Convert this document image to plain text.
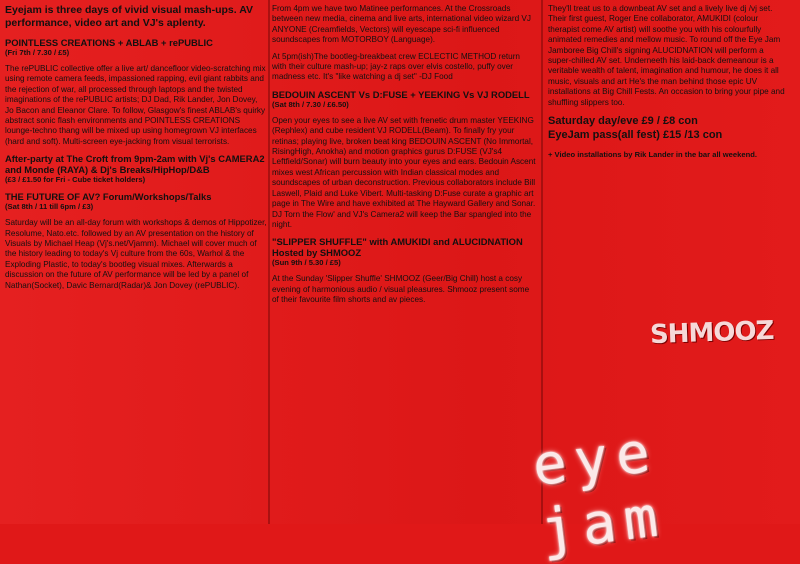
Eyejam is three days of vivid visual mash-ups. AV performance, video art and VJ's aplenty.

POINTLESS CREATIONS + ABLAB + rePUBLIC

(Fri 7th / 7.30 / £5)

The rePUBLIC collective offer a live art/ dancefloor video-scratching mix using remote camera feeds, impassioned rapping, evil giant rabbits and the rejection of war, all processed through laptops and the twisted imaginations of the rePUBLIC artists; DJ Dad, Rik Lander, Jon Dovey, Jo Bacon and Eleanor Clare. To follow, Glasgow's finest ABLAB's quirky abstract sonic flash environments and POINTLESS CREATIONS lounge-techno thang will be mixed up using homegrown VJ interfaces (hard and soft). Multi-screen eye-jacking from visual terrorists.

After-party at The Croft from 9pm-2am with Vj's CAMERA2 and Monde (RAYA) & Dj's Breaks/HipHop/D&B

(£3 / £1.50 for Fri - Cube ticket holders)

THE FUTURE OF AV? Forum/Workshops/Talks

(Sat 8th / 11 till 6pm / £3)

Saturday will be an all-day forum with workshops & demos of Hippotizer, Resolume, Nato.etc. followed by an AV presentation on the history of Visuals by Michael Heap (Vj's.net/Vjamm). Michael will cover much of the history leading to today's Vj culture from the 60s, Warhol & the Exploding Plastic, to today's bootleg visual mixes. Afterwards a discussion on the future of AV performance will be led by a panel of Nathan(Socket), Davic Bernard(Radar)& Jon Dovey (rePUBLIC).

From 4pm we have two Matinee performances. At the Crossroads between new media, cinema and live arts, international video wizard VJ ANYONE (Creamfields, Vectors) will eyescape sci-fi influenced soundscapes from MOTORBOY (Language).

At 5pm(ish)The bootleg-breakbeat crew ECLECTIC METHOD return with their culture mash-up; jay-z raps over elvis costello, puffy over madness etc. It's "like watching a dj set" -DJ Food

BEDOUIN ASCENT Vs D:FUSE + YEEKING Vs VJ RODELL

(Sat 8th / 7.30 / £6.50)

Open your eyes to see a live AV set with frenetic drum master YEEKING (Rephlex) and cube resident VJ RODELL(Beam). To finally fry your retinas; playing live, broken beat king BEDOUIN ASCENT (No Immortal, RisingHigh, Anokha) and motion graphics gurus D:FUSE (VJ's4 Leftfield/Sonar) will burn beauty into your eyes and ears. Bedouin Ascent mixes west African percussion with Indian classical modes and soundscapes of urban deconstruction. Previous collaborators include Bill Laswell, Plaid and Luke Vibert. Multi-tasking D:Fuse curate a graphic art page in The Wire and have exhibited at The Hayward Gallery and Sonar. DJ Torn the Flow' and VJ's Camera2 will keep the Bar spangled into the night.

"SLIPPER SHUFFLE" with AMUKIDI and ALUCIDNATION Hosted by SHMOOZ

(Sun 9th / 5.30 / £5)

At the Sunday 'Slipper Shuffle' SHMOOZ (Geer/Big Chill) host a cosy evening of harmonious audio / visual pleasures. Shmooz present some of their favourite film shorts and av pieces.

They'll treat us to a downbeat AV set and a lively live dj /vj set. Their first guest, Roger Ene collaborator, AMUKIDI (colour therapist come AV artist) will soothe you with his colourfully animated remedies and mellow music. To round off the Eye Jam Jamboree Big Chill's signing ALUCIDNATION will perform a super-chilled AV set. Underneeth his laid-back demeanour is a veritable wealth of talent, imagination and humour, he does it all music, visuals and art He's the man behind those epic UV installations at Big Chill Fests. An occasion to bring your pipe and shuffling slippers too.

Saturday day/eve £9 / £8 con

EyeJam pass(all fest) £15 /13 con

+ Video installations by Rik Lander in the bar all weekend.

SHMOOZ
eye jam
